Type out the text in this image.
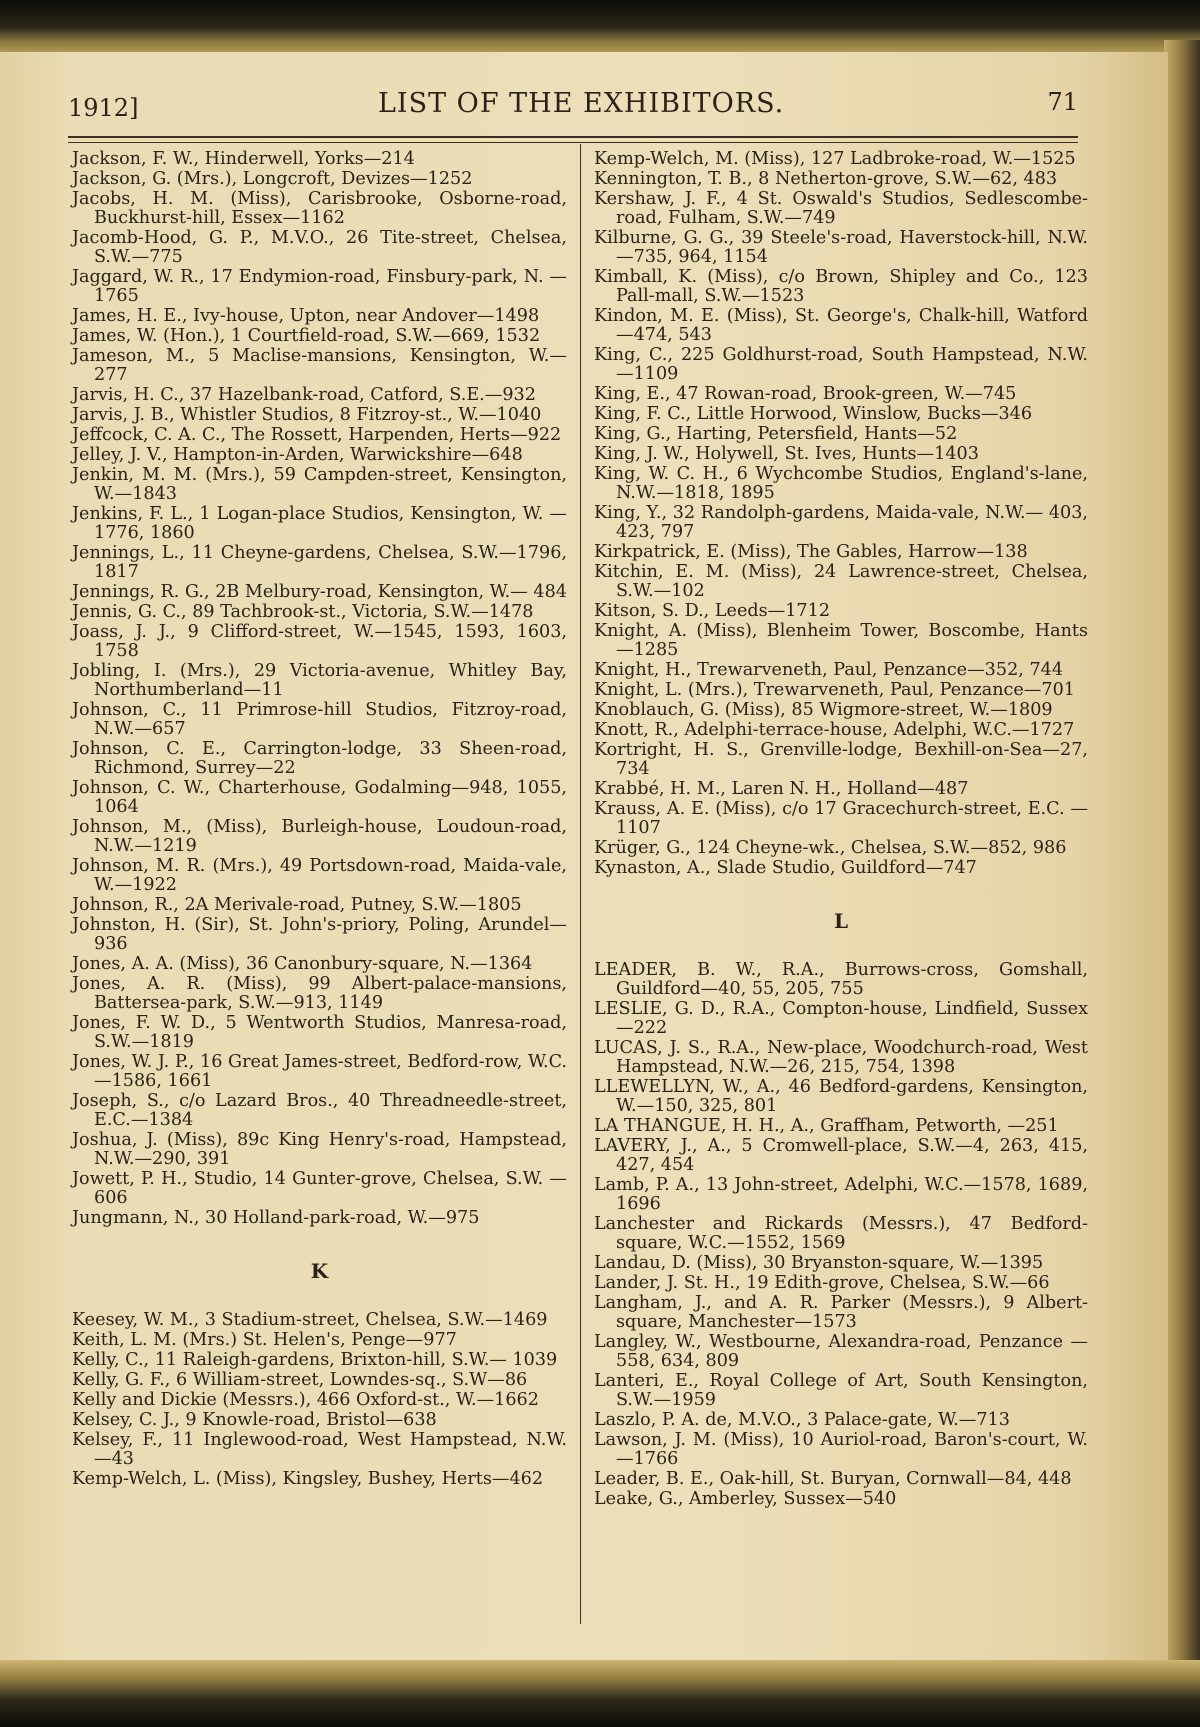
1912]	LIST OF THE EXHIBITORS.	71
Jackson, F. W., Hinderwell, Yorks—214
Jackson, G. (Mrs.), Longcroft, Devizes—1252
Jacobs, H. M. (Miss), Carisbrooke, Osborne-road, Buckhurst-hill, Essex—1162
Jacomb-Hood, G. P., M.V.O., 26 Tite-street, Chelsea, S.W.—775
Jaggard, W. R., 17 Endymion-road, Finsbury-park, N. —1765
James, H. E., Ivy-house, Upton, near Andover—1498
James, W. (Hon.), 1 Courtfield-road, S.W.—669, 1532
Jameson, M., 5 Maclise-mansions, Kensington, W.— 277
Jarvis, H. C., 37 Hazelbank-road, Catford, S.E.—932
Jarvis, J. B., Whistler Studios, 8 Fitzroy-st., W.—1040
Jeffcock, C. A. C., The Rossett, Harpenden, Herts—922
Jelley, J. V., Hampton-in-Arden, Warwickshire—648
Jenkin, M. M. (Mrs.), 59 Campden-street, Kensington, W.—1843
Jenkins, F. L., 1 Logan-place Studios, Kensington, W. —1776, 1860
Jennings, L., 11 Cheyne-gardens, Chelsea, S.W.—1796, 1817
Jennings, R. G., 2B Melbury-road, Kensington, W.— 484
Jennis, G. C., 89 Tachbrook-st., Victoria, S.W.—1478
Joass, J. J., 9 Clifford-street, W.—1545, 1593, 1603, 1758
Jobling, I. (Mrs.), 29 Victoria-avenue, Whitley Bay, Northumberland—11
Johnson, C., 11 Primrose-hill Studios, Fitzroy-road, N.W.—657
Johnson, C. E., Carrington-lodge, 33 Sheen-road, Richmond, Surrey—22
Johnson, C. W., Charterhouse, Godalming—948, 1055, 1064
Johnson, M., (Miss), Burleigh-house, Loudoun-road, N.W.—1219
Johnson, M. R. (Mrs.), 49 Portsdown-road, Maida-vale, W.—1922
Johnson, R., 2A Merivale-road, Putney, S.W.—1805
Johnston, H. (Sir), St. John's-priory, Poling, Arundel— 936
Jones, A. A. (Miss), 36 Canonbury-square, N.—1364
Jones, A. R. (Miss), 99 Albert-palace-mansions, Battersea-park, S.W.—913, 1149
Jones, F. W. D., 5 Wentworth Studios, Manresa-road, S.W.—1819
Jones, W. J. P., 16 Great James-street, Bedford-row, W.C.—1586, 1661
Joseph, S., c/o Lazard Bros., 40 Threadneedle-street, E.C.—1384
Joshua, J. (Miss), 89c King Henry's-road, Hampstead, N.W.—290, 391
Jowett, P. H., Studio, 14 Gunter-grove, Chelsea, S.W. —606
Jungmann, N., 30 Holland-park-road, W.—975
K
Keesey, W. M., 3 Stadium-street, Chelsea, S.W.—1469
Keith, L. M. (Mrs.) St. Helen's, Penge—977
Kelly, C., 11 Raleigh-gardens, Brixton-hill, S.W.— 1039
Kelly, G. F., 6 William-street, Lowndes-sq., S.W—86
Kelly and Dickie (Messrs.), 466 Oxford-st., W.—1662
Kelsey, C. J., 9 Knowle-road, Bristol—638
Kelsey, F., 11 Inglewood-road, West Hampstead, N.W. —43
Kemp-Welch, L. (Miss), Kingsley, Bushey, Herts—462
Kemp-Welch, M. (Miss), 127 Ladbroke-road, W.—1525
Kennington, T. B., 8 Netherton-grove, S.W.—62, 483
Kershaw, J. F., 4 St. Oswald's Studios, Sedlescombe-road, Fulham, S.W.—749
Kilburne, G. G., 39 Steele's-road, Haverstock-hill, N.W.—735, 964, 1154
Kimball, K. (Miss), c/o Brown, Shipley and Co., 123 Pall-mall, S.W.—1523
Kindon, M. E. (Miss), St. George's, Chalk-hill, Watford —474, 543
King, C., 225 Goldhurst-road, South Hampstead, N.W.—1109
King, E., 47 Rowan-road, Brook-green, W.—745
King, F. C., Little Horwood, Winslow, Bucks—346
King, G., Harting, Petersfield, Hants—52
King, J. W., Holywell, St. Ives, Hunts—1403
King, W. C. H., 6 Wychcombe Studios, England's-lane, N.W.—1818, 1895
King, Y., 32 Randolph-gardens, Maida-vale, N.W.— 403, 423, 797
Kirkpatrick, E. (Miss), The Gables, Harrow—138
Kitchin, E. M. (Miss), 24 Lawrence-street, Chelsea, S.W.—102
Kitson, S. D., Leeds—1712
Knight, A. (Miss), Blenheim Tower, Boscombe, Hants —1285
Knight, H., Trewarveneth, Paul, Penzance—352, 744
Knight, L. (Mrs.), Trewarveneth, Paul, Penzance—701
Knoblauch, G. (Miss), 85 Wigmore-street, W.—1809
Knott, R., Adelphi-terrace-house, Adelphi, W.C.—1727
Kortright, H. S., Grenville-lodge, Bexhill-on-Sea—27, 734
Krabbé, H. M., Laren N. H., Holland—487
Krauss, A. E. (Miss), c/o 17 Gracechurch-street, E.C. —1107
Krüger, G., 124 Cheyne-wk., Chelsea, S.W.—852, 986
Kynaston, A., Slade Studio, Guildford—747
L
LEADER, B. W., R.A., Burrows-cross, Gomshall, Guildford—40, 55, 205, 755
LESLIE, G. D., R.A., Compton-house, Lindfield, Sussex—222
LUCAS, J. S., R.A., New-place, Woodchurch-road, West Hampstead, N.W.—26, 215, 754, 1398
LLEWELLYN, W., A., 46 Bedford-gardens, Kensington, W.—150, 325, 801
LA THANGUE, H. H., A., Graffham, Petworth, —251
LAVERY, J., A., 5 Cromwell-place, S.W.—4, 263, 415, 427, 454
Lamb, P. A., 13 John-street, Adelphi, W.C.—1578, 1689, 1696
Lanchester and Rickards (Messrs.), 47 Bedford-square, W.C.—1552, 1569
Landau, D. (Miss), 30 Bryanston-square, W.—1395
Lander, J. St. H., 19 Edith-grove, Chelsea, S.W.—66
Langham, J., and A. R. Parker (Messrs.), 9 Albert-square, Manchester—1573
Langley, W., Westbourne, Alexandra-road, Penzance —558, 634, 809
Lanteri, E., Royal College of Art, South Kensington, S.W.—1959
Laszlo, P. A. de, M.V.O., 3 Palace-gate, W.—713
Lawson, J. M. (Miss), 10 Auriol-road, Baron's-court, W.—1766
Leader, B. E., Oak-hill, St. Buryan, Cornwall—84, 448
Leake, G., Amberley, Sussex—540
